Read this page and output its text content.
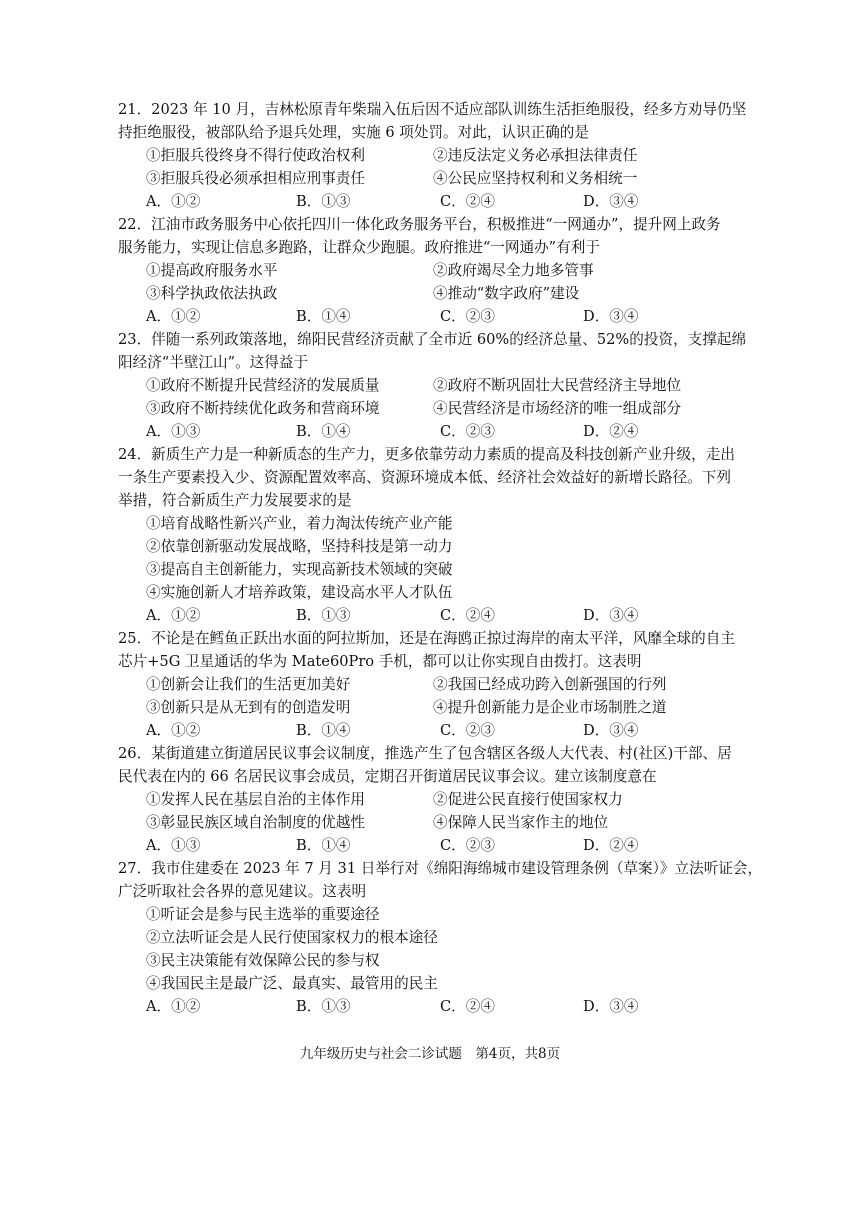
21．2023 年 10 月，吉林松原青年柴瑞入伍后因不适应部队训练生活拒绝服役，经多方劝导仍坚
持拒绝服役，被部队给予退兵处理，实施 6 项处罚。对此，认识正确的是
①拒服兵役终身不得行使政治权利	②违反法定义务必承担法律责任
③拒服兵役必须承担相应刑事责任	④公民应坚持权利和义务相统一
A．①②	B．①③	C．②④	D．③④
22．江油市政务服务中心依托四川一体化政务服务平台，积极推进“一网通办”，提升网上政务
服务能力，实现让信息多跑路，让群众少跑腿。政府推进“一网通办”有利于
①提高政府服务水平	②政府竭尽全力地多管事
③科学执政依法执政	④推动“数字政府”建设
A．①②	B．①④	C．②③	D．③④
23．伴随一系列政策落地，绵阳民营经济贡献了全市近 60%的经济总量、52%的投资，支撑起绵
阳经济“半壁江山”。这得益于
①政府不断提升民营经济的发展质量	②政府不断巩固壮大民营经济主导地位
③政府不断持续优化政务和营商环境	④民营经济是市场经济的唯一组成部分
A．①③	B．①④	C．②③	D．②④
24．新质生产力是一种新质态的生产力，更多依靠劳动力素质的提高及科技创新产业升级，走出
一条生产要素投入少、资源配置效率高、资源环境成本低、经济社会效益好的新增长路径。下列
举措，符合新质生产力发展要求的是
①培育战略性新兴产业，着力淘汰传统产业产能
②依靠创新驱动发展战略，坚持科技是第一动力
③提高自主创新能力，实现高新技术领域的突破
④实施创新人才培养政策，建设高水平人才队伍
A．①②	B．①③	C．②④	D．③④
25．不论是在鳕鱼正跃出水面的阿拉斯加，还是在海鸥正掠过海岸的南太平洋，风靡全球的自主
芯片+5G 卫星通话的华为 Mate60Pro 手机，都可以让你实现自由拨打。这表明
①创新会让我们的生活更加美好	②我国已经成功跨入创新强国的行列
③创新只是从无到有的创造发明	④提升创新能力是企业市场制胜之道
A．①②	B．①④	C．②③	D．③④
26．某街道建立街道居民议事会议制度，推选产生了包含辖区各级人大代表、村(社区)干部、居
民代表在内的 66 名居民议事会成员，定期召开街道居民议事会议。建立该制度意在
①发挥人民在基层自治的主体作用	②促进公民直接行使国家权力
③彰显民族区域自治制度的优越性	④保障人民当家作主的地位
A．①③	B．①④	C．②③	D．②④
27．我市住建委在 2023 年 7 月 31 日举行对《绵阳海绵城市建设管理条例（草案）》立法听证会，
广泛听取社会各界的意见建议。这表明
①听证会是参与民主选举的重要途径
②立法听证会是人民行使国家权力的根本途径
③民主决策能有效保障公民的参与权
④我国民主是最广泛、最真实、最管用的民主
A．①②	B．①③	C．②④	D．③④
九年级历史与社会二诊试题　第4页，共8页
